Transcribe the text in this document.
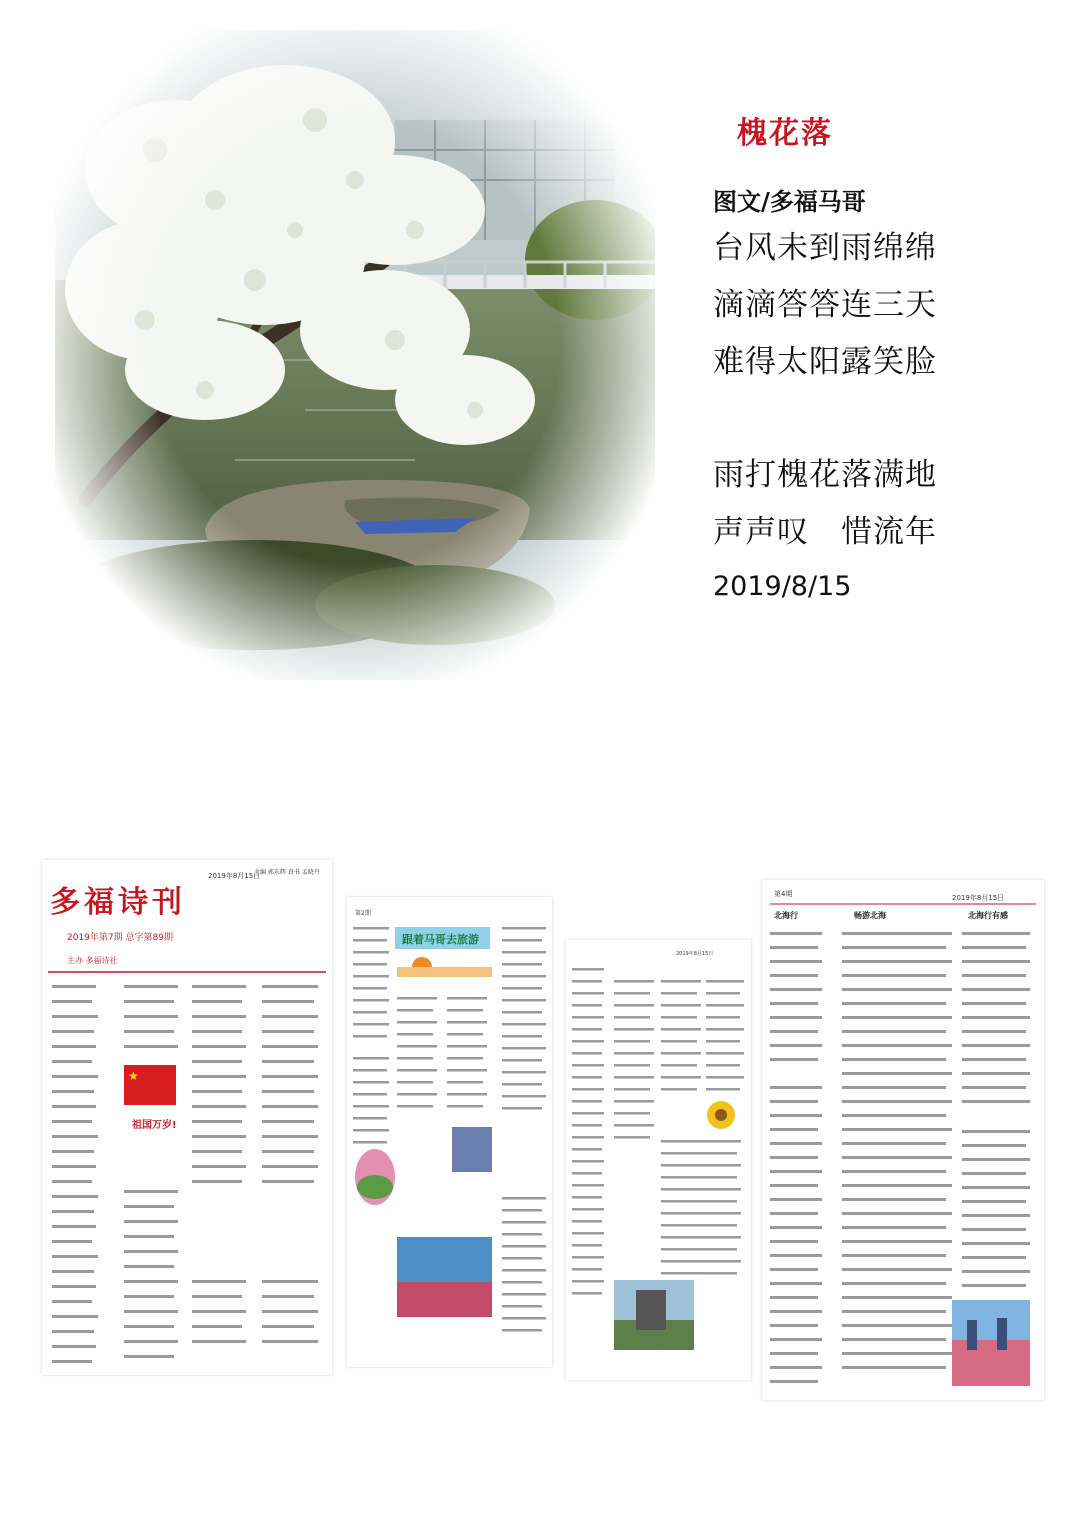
槐花落
图文/多福马哥
台风未到雨绵绵
滴滴答答连三天
难得太阳露笑脸
雨打槐花落满地
声声叹　惜流年
2019/8/15
多福诗刊
2019年第7期 总字第89期
主办 多福诗社
2019年8月15日
主编 郭东辉 真书 孟晓丹
★
祖国万岁!
第2期
跟着马哥去旅游
2019年8月15日
第4期	2019年8月15日
北海行	畅游北海	北海行有感
